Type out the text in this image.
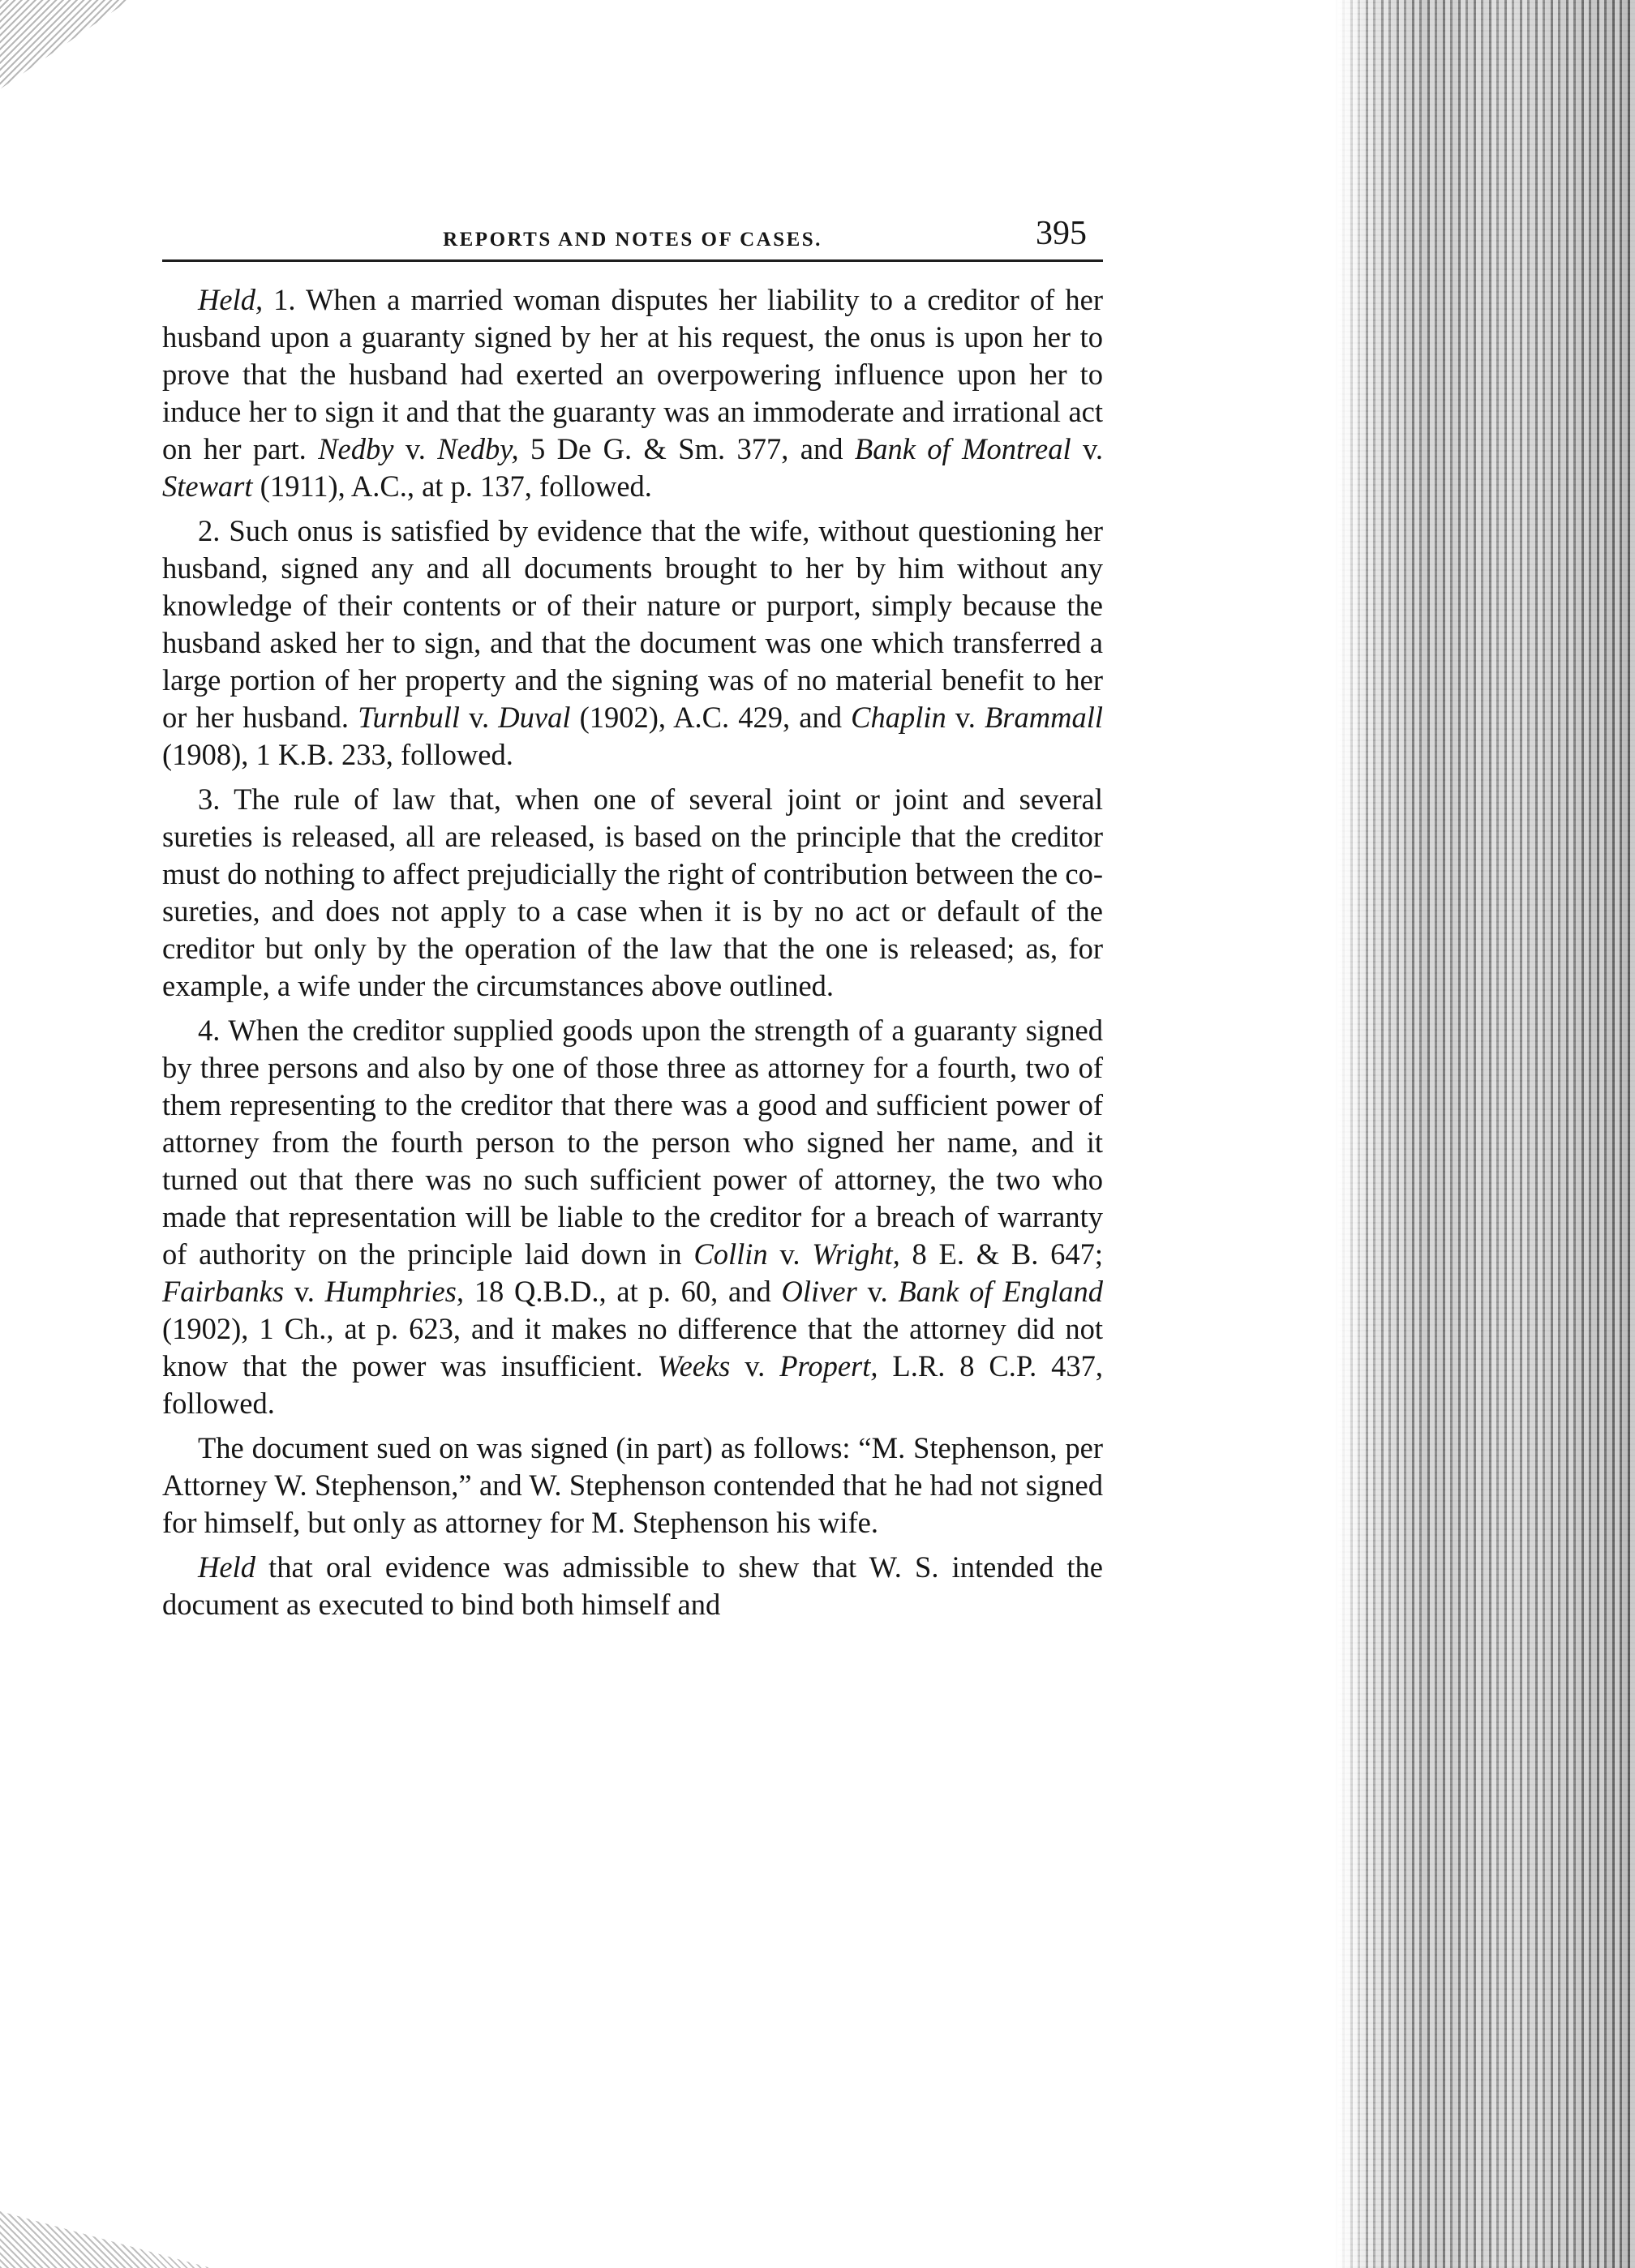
REPORTS AND NOTES OF CASES.	395

Held, 1. When a married woman disputes her liability to a creditor of her husband upon a guaranty signed by her at his request, the onus is upon her to prove that the husband had exerted an overpowering influence upon her to induce her to sign it and that the guaranty was an immoderate and irrational act on her part. Nedby v. Nedby, 5 De G. & Sm. 377, and Bank of Montreal v. Stewart (1911), A.C., at p. 137, followed.

2. Such onus is satisfied by evidence that the wife, without questioning her husband, signed any and all documents brought to her by him without any knowledge of their contents or of their nature or purport, simply because the husband asked her to sign, and that the document was one which transferred a large portion of her property and the signing was of no material benefit to her or her husband. Turnbull v. Duval (1902), A.C. 429, and Chaplin v. Brammall (1908), 1 K.B. 233, followed.

3. The rule of law that, when one of several joint or joint and several sureties is released, all are released, is based on the principle that the creditor must do nothing to affect prejudicially the right of contribution between the co-sureties, and does not apply to a case when it is by no act or default of the creditor but only by the operation of the law that the one is released; as, for example, a wife under the circumstances above outlined.

4. When the creditor supplied goods upon the strength of a guaranty signed by three persons and also by one of those three as attorney for a fourth, two of them representing to the creditor that there was a good and sufficient power of attorney from the fourth person to the person who signed her name, and it turned out that there was no such sufficient power of attorney, the two who made that representation will be liable to the creditor for a breach of warranty of authority on the principle laid down in Collin v. Wright, 8 E. & B. 647; Fairbanks v. Humphries, 18 Q.B.D., at p. 60, and Oliver v. Bank of England (1902), 1 Ch., at p. 623, and it makes no difference that the attorney did not know that the power was insufficient. Weeks v. Propert, L.R. 8 C.P. 437, followed.

The document sued on was signed (in part) as follows: “M. Stephenson, per Attorney W. Stephenson,” and W. Stephenson contended that he had not signed for himself, but only as attorney for M. Stephenson his wife.

Held that oral evidence was admissible to shew that W. S. intended the document as executed to bind both himself and
